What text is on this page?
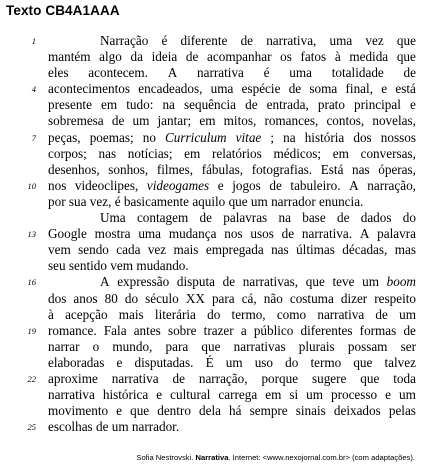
Texto CB4A1AAA
1	Narração é diferente de narrativa, uma vez que
mantém algo da ideia de acompanhar os fatos à medida que
eles acontecem. A narrativa é uma totalidade de
4 acontecimentos encadeados, uma espécie de soma final, e está
presente em tudo: na sequência de entrada, prato principal e
sobremesa de um jantar; em mitos, romances, contos, novelas,
7 peças, poemas; no Curriculum vitae ; na história dos nossos
corpos; nas notícias; em relatórios médicos; em conversas,
desenhos, sonhos, filmes, fábulas, fotografias. Está nas óperas,
10 nos videoclipes, videogames e jogos de tabuleiro. A narração,
por sua vez, é basicamente aquilo que um narrador enuncia.
Uma contagem de palavras na base de dados do
13 Google mostra uma mudança nos usos de narrativa. A palavra
vem sendo cada vez mais empregada nas últimas décadas, mas
seu sentido vem mudando.
16	A expressão disputa de narrativas, que teve um boom
dos anos 80 do século XX para cá, não costuma dizer respeito
à acepção mais literária do termo, como narrativa de um
19 romance. Fala antes sobre trazer a público diferentes formas de
narrar o mundo, para que narrativas plurais possam ser
elaboradas e disputadas. É um uso do termo que talvez
22 aproxime narrativa de narração, porque sugere que toda
narrativa histórica e cultural carrega em si um processo e um
movimento e que dentro dela há sempre sinais deixados pelas
25 escolhas de um narrador.
Sofia Nestrovski. Narrativa. Internet: <www.nexojornal.com.br> (com adaptações).
